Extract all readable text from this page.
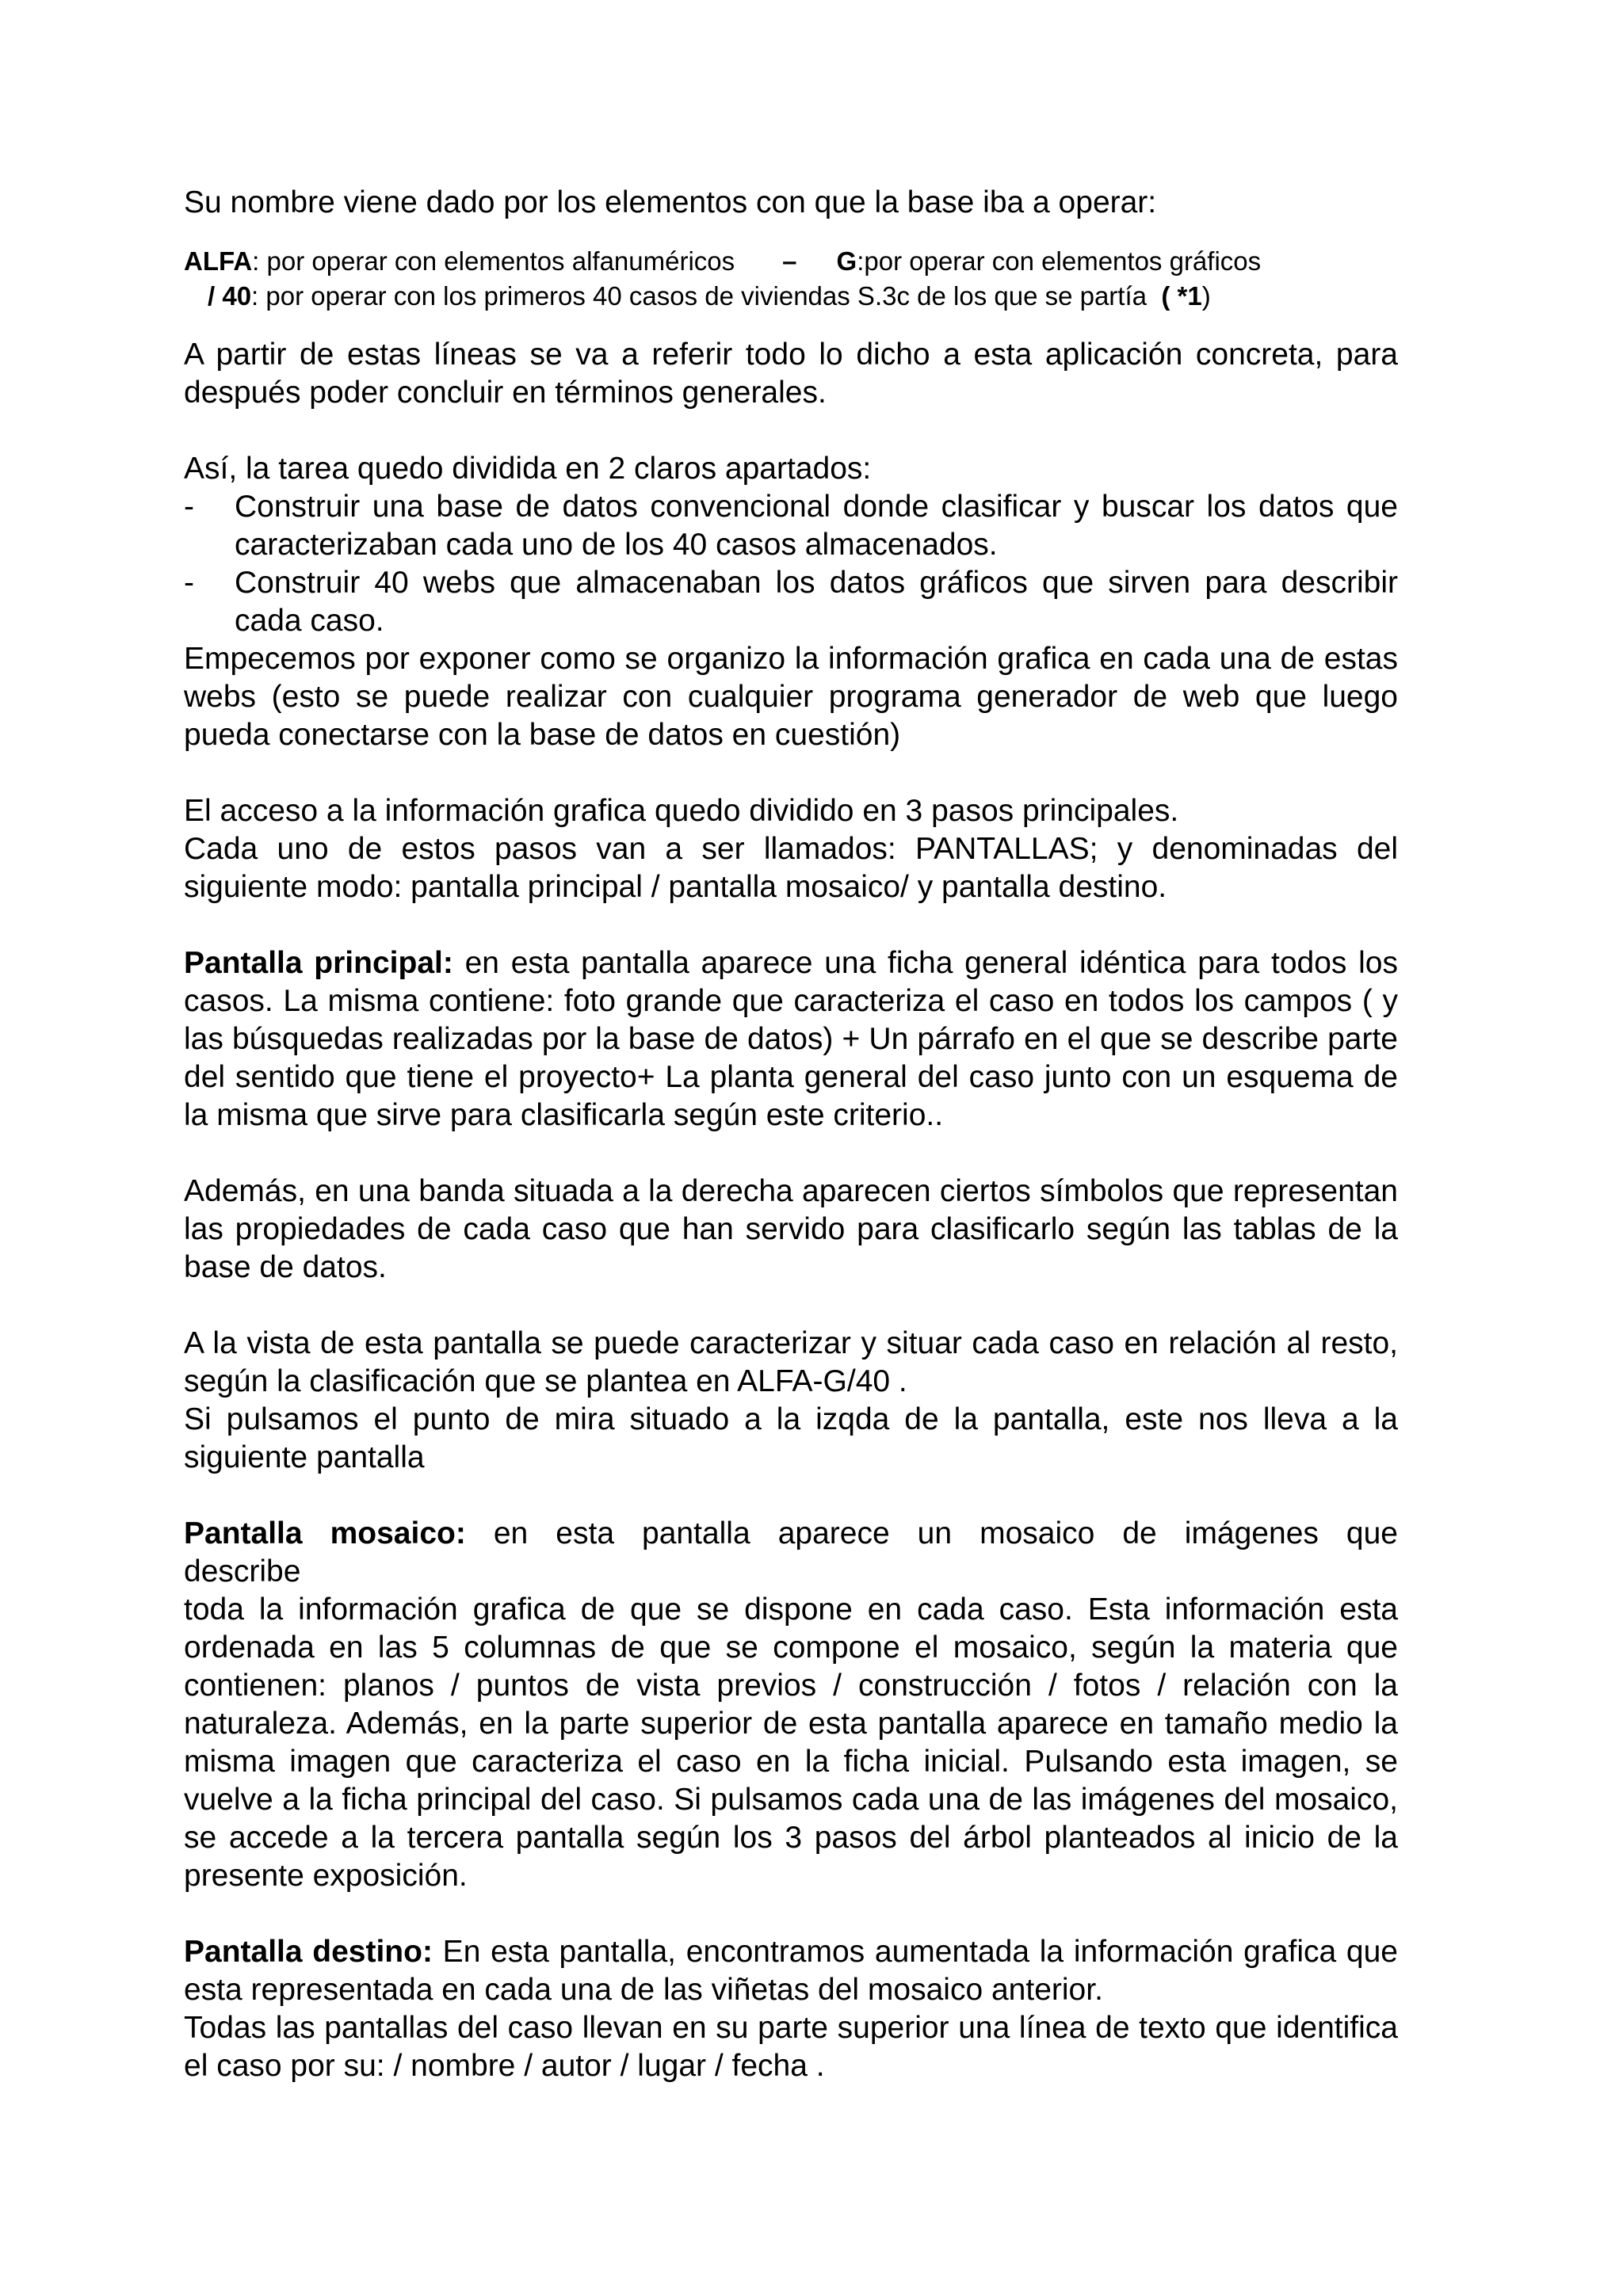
Su nombre viene dado por los elementos con que la base iba a operar:

ALFA: por operar con elementos alfanuméricos – G:por operar con elementos gráficos

/ 40: por operar con los primeros 40 casos de viviendas S.3c de los que se partía ( *1)

A partir de estas líneas se va a referir todo lo dicho a esta aplicación concreta, para después poder concluir en términos generales.

Así, la tarea quedo dividida en 2 claros apartados:

-	Construir una base de datos convencional donde clasificar y buscar los datos que caracterizaban cada uno de los 40 casos almacenados.
-	Construir 40 webs que almacenaban los datos gráficos que sirven para describir cada caso.

Empecemos por exponer como se organizo la información grafica en cada una de estas webs (esto se puede realizar con cualquier programa generador de web que luego pueda conectarse con la base de datos en cuestión)

El acceso a la información grafica quedo dividido en 3 pasos principales.

Cada uno de estos pasos van a ser llamados: PANTALLAS; y denominadas del siguiente modo: pantalla principal / pantalla mosaico/ y pantalla destino.

Pantalla principal: en esta pantalla aparece una ficha general idéntica para todos los casos. La misma contiene: foto grande que caracteriza el caso en todos los campos ( y las búsquedas realizadas por la base de datos) + Un párrafo en el que se describe parte del sentido que tiene el proyecto+ La planta general del caso junto con un esquema de la misma que sirve para clasificarla según este criterio..

Además, en una banda situada a la derecha aparecen ciertos símbolos que representan las propiedades de cada caso que han servido para clasificarlo según las tablas de la base de datos.

A la vista de esta pantalla se puede caracterizar y situar cada caso en relación al resto, según la clasificación que se plantea en ALFA-G/40 .

Si pulsamos el punto de mira situado a la izqda de la pantalla, este nos lleva a la siguiente pantalla

Pantalla mosaico: en esta pantalla aparece un mosaico de imágenes que

describe

toda la información grafica de que se dispone en cada caso. Esta información esta ordenada en las 5 columnas de que se compone el mosaico, según la materia que contienen: planos / puntos de vista previos / construcción / fotos / relación con la naturaleza. Además, en la parte superior de esta pantalla aparece en tamaño medio la misma imagen que caracteriza el caso en la ficha inicial. Pulsando esta imagen, se vuelve a la ficha principal del caso. Si pulsamos cada una de las imágenes del mosaico, se accede a la tercera pantalla según los 3 pasos del árbol planteados al inicio de la presente exposición.

Pantalla destino: En esta pantalla, encontramos aumentada la información grafica que esta representada en cada una de las viñetas del mosaico anterior.

Todas las pantallas del caso llevan en su parte superior una línea de texto que identifica el caso por su: / nombre / autor / lugar / fecha .
